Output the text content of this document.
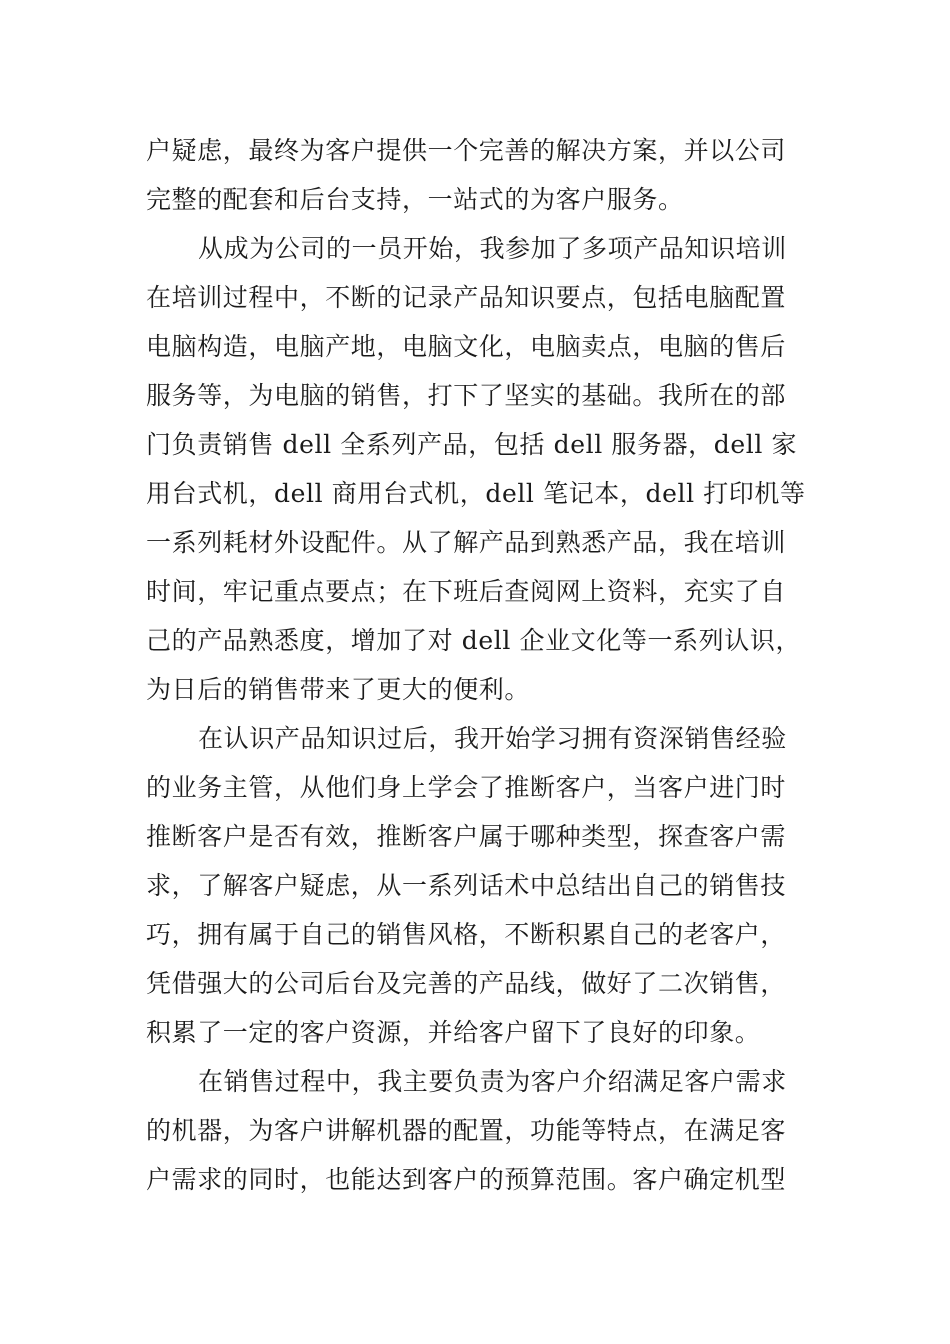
户疑虑，最终为客户提供一个完善的解决方案，并以公司
完整的配套和后台支持，一站式的为客户服务。
从成为公司的一员开始，我参加了多项产品知识培训
在培训过程中，不断的记录产品知识要点，包括电脑配置
电脑构造，电脑产地，电脑文化，电脑卖点，电脑的售后
服务等，为电脑的销售，打下了坚实的基础。我所在的部
门负责销售 dell 全系列产品，包括 dell 服务器，dell 家
用台式机，dell 商用台式机，dell 笔记本，dell 打印机等
一系列耗材外设配件。从了解产品到熟悉产品，我在培训
时间，牢记重点要点；在下班后查阅网上资料，充实了自
己的产品熟悉度，增加了对 dell 企业文化等一系列认识，
为日后的销售带来了更大的便利。
在认识产品知识过后，我开始学习拥有资深销售经验
的业务主管，从他们身上学会了推断客户，当客户进门时
推断客户是否有效，推断客户属于哪种类型，探查客户需
求，了解客户疑虑，从一系列话术中总结出自己的销售技
巧，拥有属于自己的销售风格，不断积累自己的老客户，
凭借强大的公司后台及完善的产品线，做好了二次销售，
积累了一定的客户资源，并给客户留下了良好的印象。
在销售过程中，我主要负责为客户介绍满足客户需求
的机器，为客户讲解机器的配置，功能等特点，在满足客
户需求的同时，也能达到客户的预算范围。客户确定机型
